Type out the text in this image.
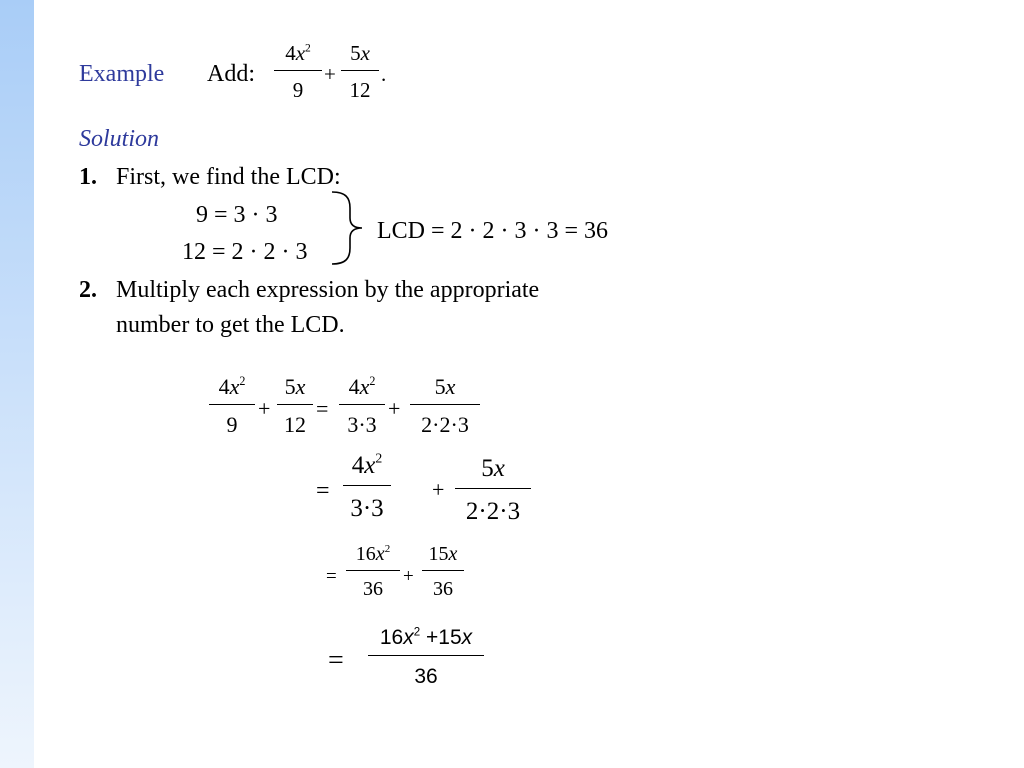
Example Add:
$4x^2$
9
+
5x
12
.
Solution
1. First, we find the LCD:
9 = 3 · 3
12 = 2 · 2 · 3
LCD = 2 · 2 · 3 · 3 = 36
2. Multiply each expression by the appropriate
number to get the LCD.
$4x^2$
9
+
5x
12
=
$4x^2$
3·3
+
5x
2·2·3
=
$4x^2$
3·3
+
5x
2·2·3
=
$16x^2$
36
+
15x
36
=
$16x^2 +15x$
36
